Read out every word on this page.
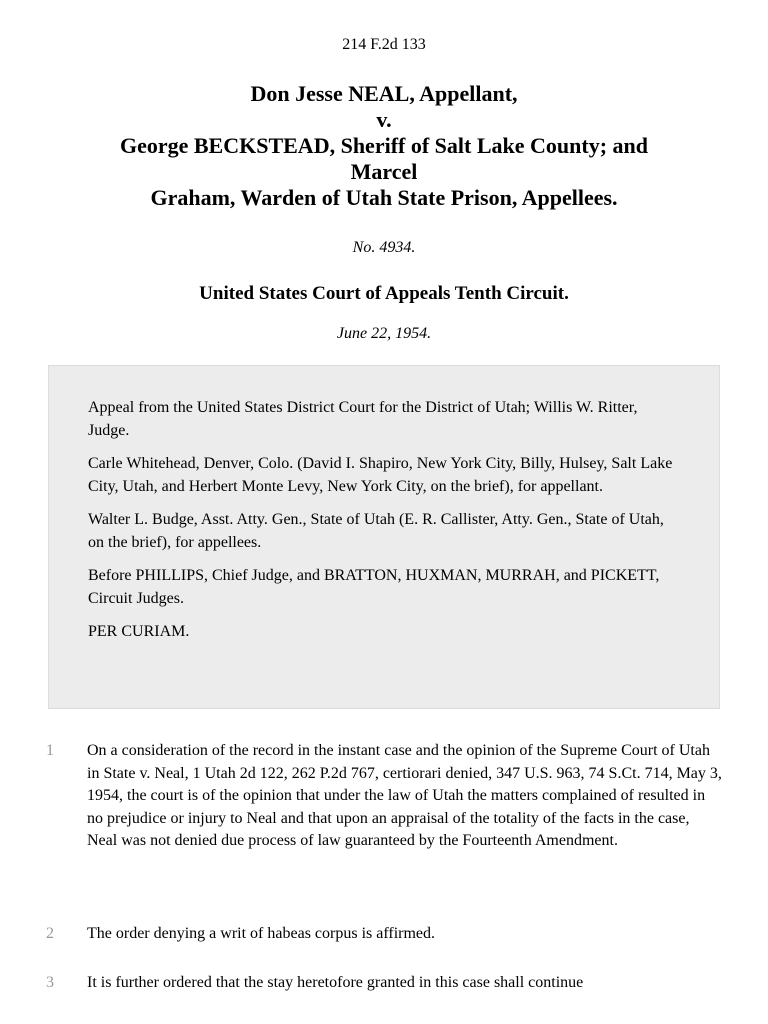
214 F.2d 133
Don Jesse NEAL, Appellant,
v.
George BECKSTEAD, Sheriff of Salt Lake County; and
Marcel
Graham, Warden of Utah State Prison, Appellees.
No. 4934.
United States Court of Appeals Tenth Circuit.
June 22, 1954.

Appeal from the United States District Court for the District of Utah; Willis W. Ritter, Judge.

Carle Whitehead, Denver, Colo. (David I. Shapiro, New York City, Billy, Hulsey, Salt Lake City, Utah, and Herbert Monte Levy, New York City, on the brief), for appellant.

Walter L. Budge, Asst. Atty. Gen., State of Utah (E. R. Callister, Atty. Gen., State of Utah, on the brief), for appellees.

Before PHILLIPS, Chief Judge, and BRATTON, HUXMAN, MURRAH, and PICKETT, Circuit Judges.

PER CURIAM.

1 On a consideration of the record in the instant case and the opinion of the Supreme Court of Utah in State v. Neal, 1 Utah 2d 122, 262 P.2d 767, certiorari denied, 347 U.S. 963, 74 S.Ct. 714, May 3, 1954, the court is of the opinion that under the law of Utah the matters complained of resulted in no prejudice or injury to Neal and that upon an appraisal of the totality of the facts in the case, Neal was not denied due process of law guaranteed by the Fourteenth Amendment.
2 The order denying a writ of habeas corpus is affirmed.
3 It is further ordered that the stay heretofore granted in this case shall continue
